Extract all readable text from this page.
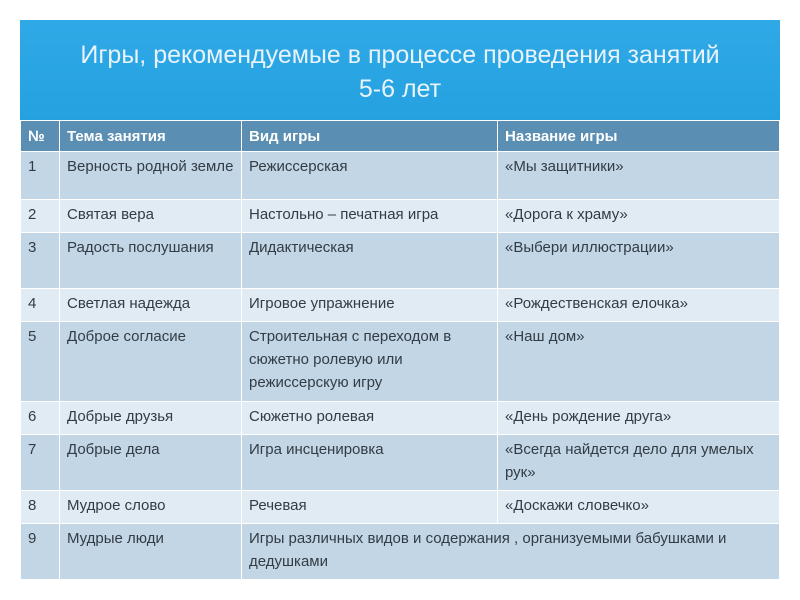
Игры, рекомендуемые в процессе проведения занятий
5-6 лет
№	Тема занятия	Вид игры	Название игры
1	Верность родной земле	Режиссерская	«Мы защитники»
2	Святая вера	Настольно – печатная игра	«Дорога к храму»
3	Радость послушания	Дидактическая	«Выбери иллюстрации»
4	Светлая надежда	Игровое упражнение	«Рождественская елочка»
5	Доброе согласие	Строительная с переходом в сюжетно ролевую или режиссерскую игру	«Наш дом»
6	Добрые друзья	Сюжетно ролевая	«День рождение друга»
7	Добрые дела	Игра инсценировка	«Всегда найдется дело для умелых рук»
8	Мудрое слово	Речевая	«Доскажи словечко»
9	Мудрые люди	Игры различных видов и содержания , организуемыми бабушками и дедушками	
